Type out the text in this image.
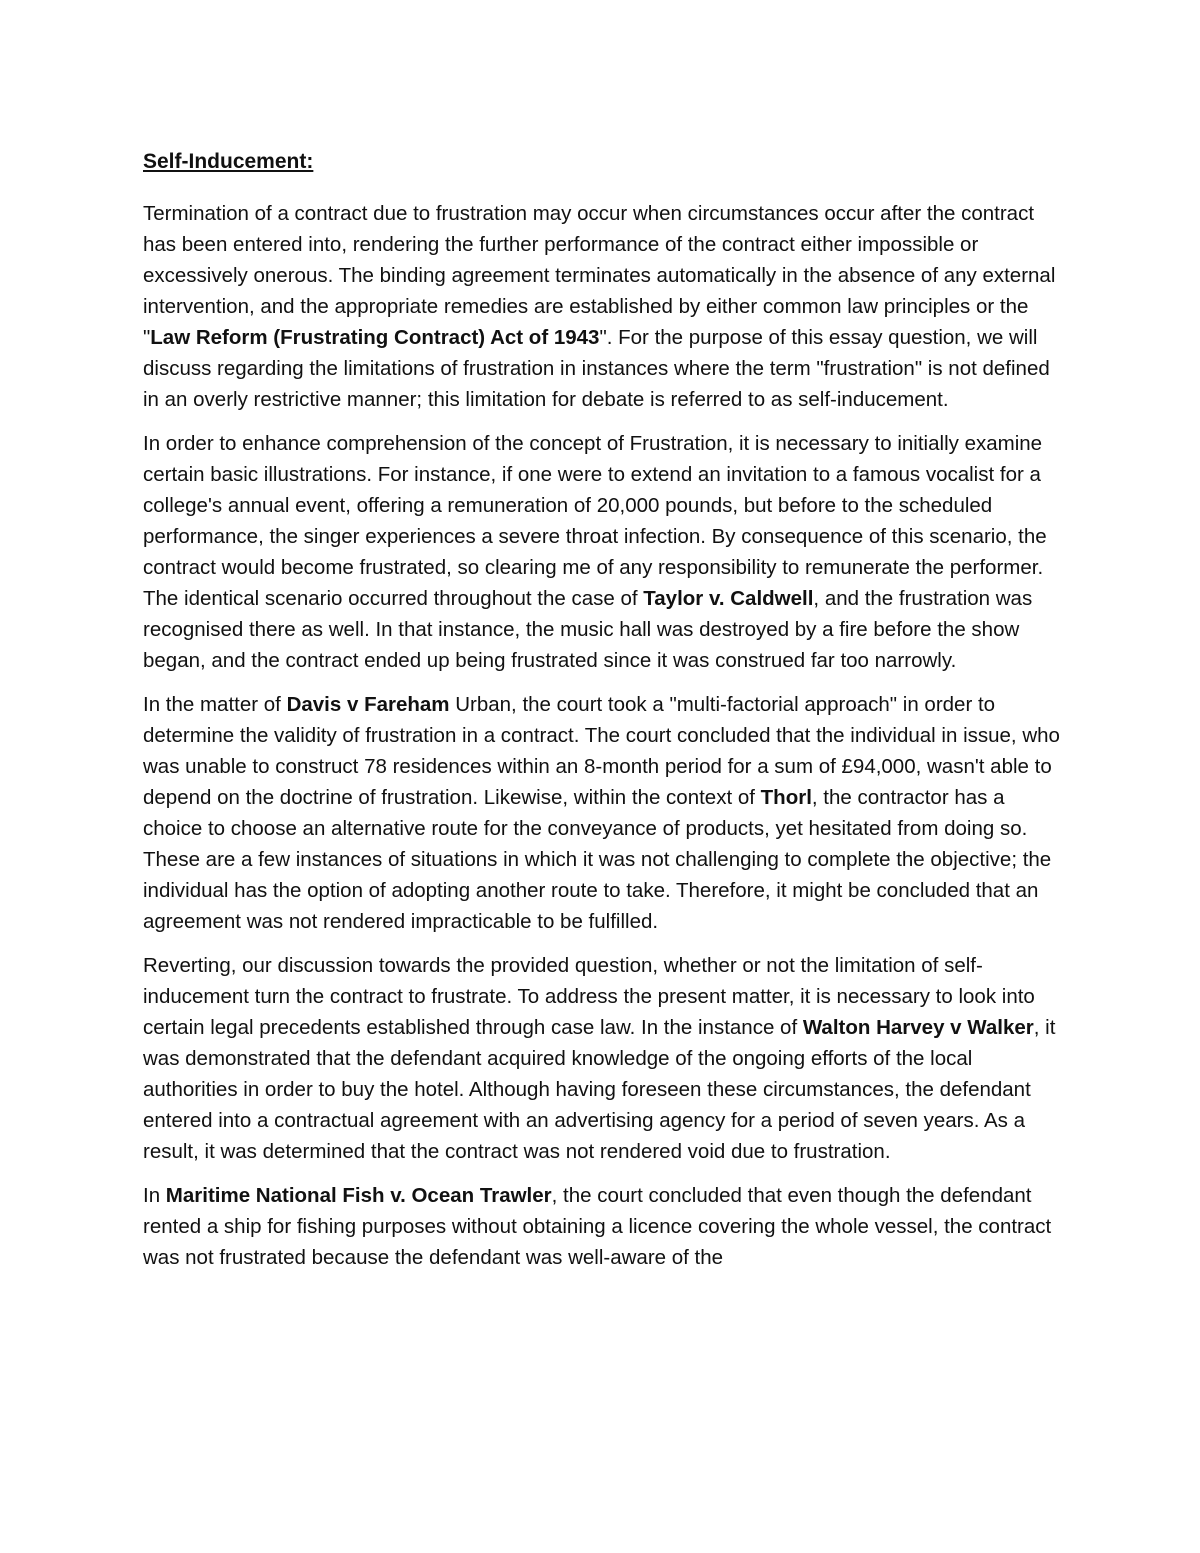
Self-Inducement:

Termination of a contract due to frustration may occur when circumstances occur after the contract has been entered into, rendering the further performance of the contract either impossible or excessively onerous. The binding agreement terminates automatically in the absence of any external intervention, and the appropriate remedies are established by either common law principles or the "Law Reform (Frustrating Contract) Act of 1943". For the purpose of this essay question, we will discuss regarding the limitations of frustration in instances where the term "frustration" is not defined in an overly restrictive manner; this limitation for debate is referred to as self-inducement.

In order to enhance comprehension of the concept of Frustration, it is necessary to initially examine certain basic illustrations. For instance, if one were to extend an invitation to a famous vocalist for a college's annual event, offering a remuneration of 20,000 pounds, but before to the scheduled performance, the singer experiences a severe throat infection. By consequence of this scenario, the contract would become frustrated, so clearing me of any responsibility to remunerate the performer. The identical scenario occurred throughout the case of Taylor v. Caldwell, and the frustration was recognised there as well. In that instance, the music hall was destroyed by a fire before the show began, and the contract ended up being frustrated since it was construed far too narrowly.

In the matter of Davis v Fareham Urban, the court took a "multi-factorial approach" in order to determine the validity of frustration in a contract. The court concluded that the individual in issue, who was unable to construct 78 residences within an 8-month period for a sum of £94,000, wasn't able to depend on the doctrine of frustration. Likewise, within the context of Thorl, the contractor has a choice to choose an alternative route for the conveyance of products, yet hesitated from doing so. These are a few instances of situations in which it was not challenging to complete the objective; the individual has the option of adopting another route to take. Therefore, it might be concluded that an agreement was not rendered impracticable to be fulfilled.

Reverting, our discussion towards the provided question, whether or not the limitation of self-inducement turn the contract to frustrate. To address the present matter, it is necessary to look into certain legal precedents established through case law. In the instance of Walton Harvey v Walker, it was demonstrated that the defendant acquired knowledge of the ongoing efforts of the local authorities in order to buy the hotel. Although having foreseen these circumstances, the defendant entered into a contractual agreement with an advertising agency for a period of seven years. As a result, it was determined that the contract was not rendered void due to frustration.

In Maritime National Fish v. Ocean Trawler, the court concluded that even though the defendant rented a ship for fishing purposes without obtaining a licence covering the whole vessel, the contract was not frustrated because the defendant was well-aware of the
